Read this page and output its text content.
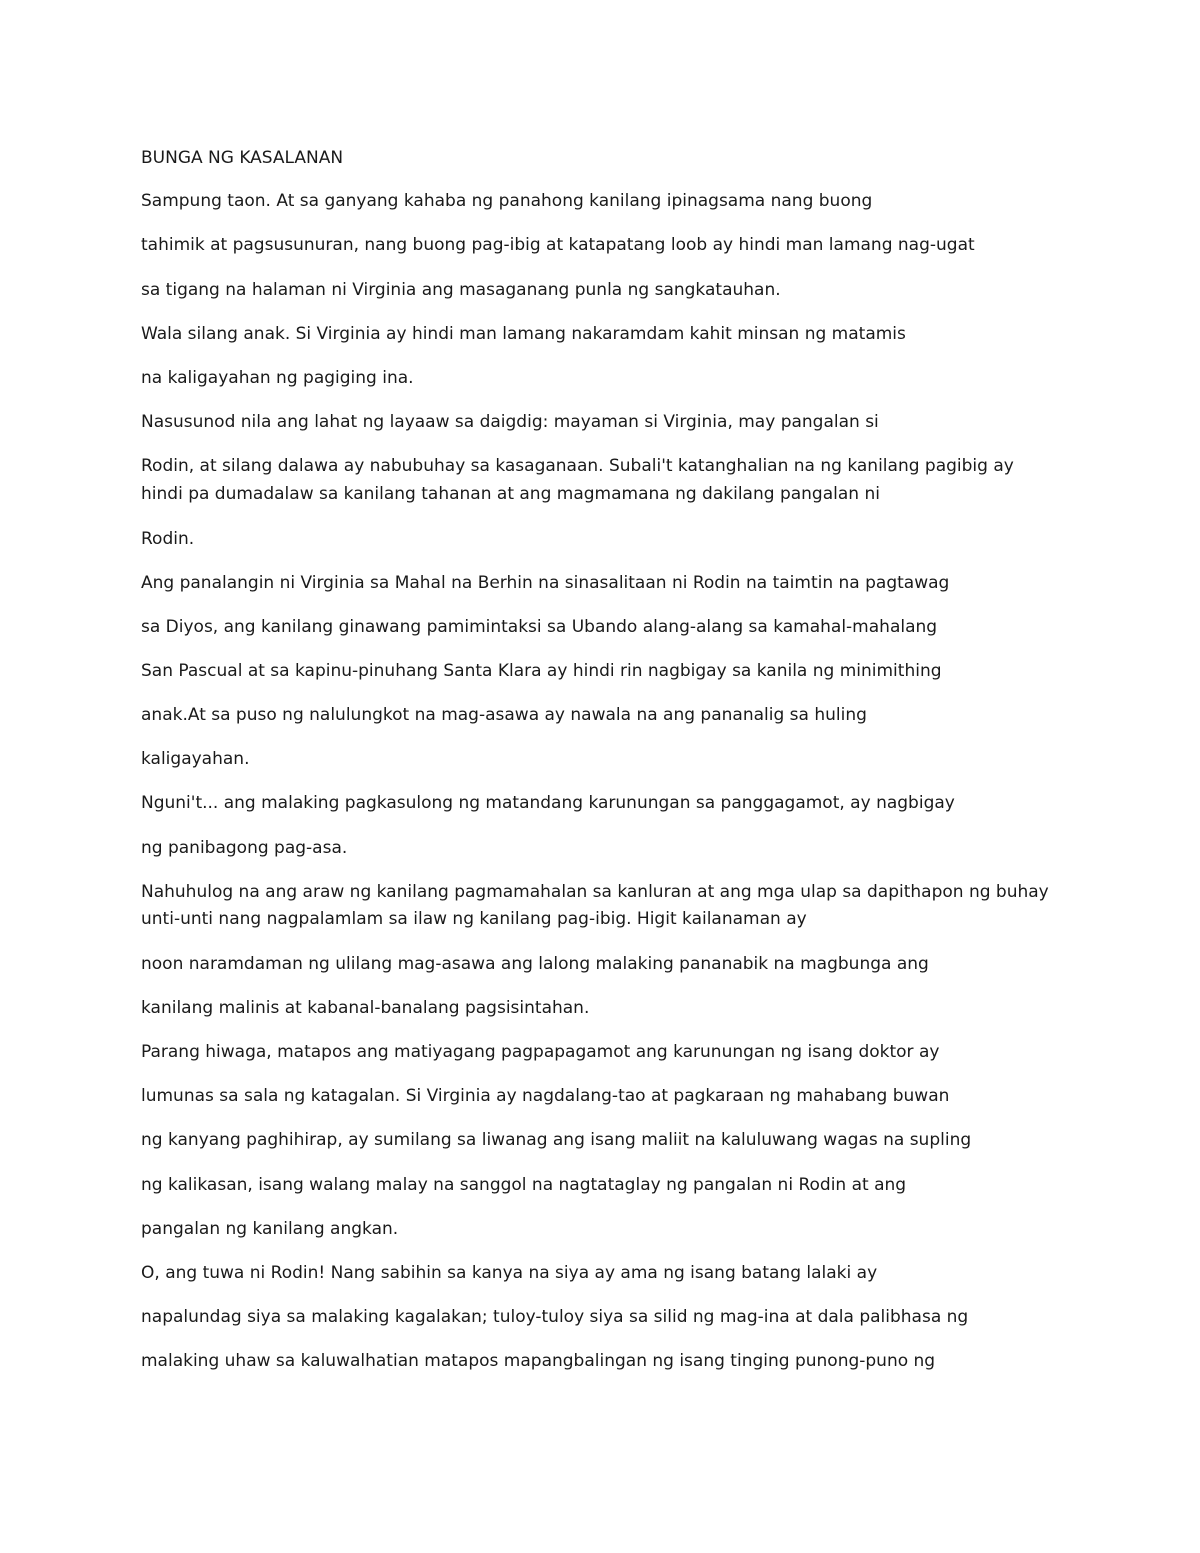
BUNGA NG KASALANAN
Sampung taon. At sa ganyang kahaba ng panahong kanilang ipinagsama nang buong
tahimik at pagsusunuran, nang buong pag-ibig at katapatang loob ay hindi man lamang nag-ugat
sa tigang na halaman ni Virginia ang masaganang punla ng sangkatauhan.
Wala silang anak. Si Virginia ay hindi man lamang nakaramdam kahit minsan ng matamis
na kaligayahan ng pagiging ina.
Nasusunod nila ang lahat ng layaaw sa daigdig: mayaman si Virginia, may pangalan si
Rodin, at silang dalawa ay nabubuhay sa kasaganaan. Subali't katanghalian na ng kanilang pagibig ay
hindi pa dumadalaw sa kanilang tahanan at ang magmamana ng dakilang pangalan ni
Rodin.
Ang panalangin ni Virginia sa Mahal na Berhin na sinasalitaan ni Rodin na taimtin na pagtawag
sa Diyos, ang kanilang ginawang pamimintaksi sa Ubando alang-alang sa kamahal-mahalang
San Pascual at sa kapinu-pinuhang Santa Klara ay hindi rin nagbigay sa kanila ng minimithing
anak.At sa puso ng nalulungkot na mag-asawa ay nawala na ang pananalig sa huling
kaligayahan.
Nguni't... ang malaking pagkasulong ng matandang karunungan sa panggagamot, ay nagbigay
ng panibagong pag-asa.
Nahuhulog na ang araw ng kanilang pagmamahalan sa kanluran at ang mga ulap sa dapithapon ng buhay
unti-unti nang nagpalamlam sa ilaw ng kanilang pag-ibig. Higit kailanaman ay
noon naramdaman ng ulilang mag-asawa ang lalong malaking pananabik na magbunga ang
kanilang malinis at kabanal-banalang pagsisintahan.
Parang hiwaga, matapos ang matiyagang pagpapagamot ang karunungan ng isang doktor ay
lumunas sa sala ng katagalan. Si Virginia ay nagdalang-tao at pagkaraan ng mahabang buwan
ng kanyang paghihirap, ay sumilang sa liwanag ang isang maliit na kaluluwang wagas na supling
ng kalikasan, isang walang malay na sanggol na nagtataglay ng pangalan ni Rodin at ang
pangalan ng kanilang angkan.
O, ang tuwa ni Rodin! Nang sabihin sa kanya na siya ay ama ng isang batang lalaki ay
napalundag siya sa malaking kagalakan; tuloy-tuloy siya sa silid ng mag-ina at dala palibhasa ng
malaking uhaw sa kaluwalhatian matapos mapangbalingan ng isang tinging punong-puno ng
